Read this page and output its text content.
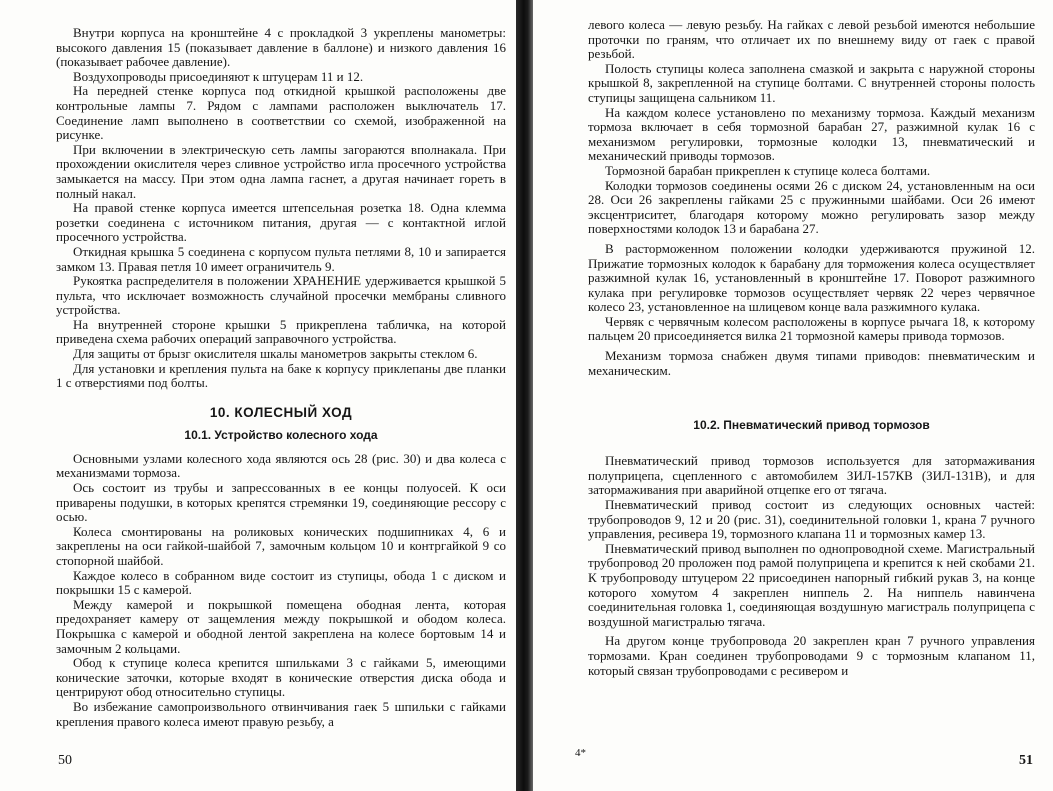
Внутри корпуса на кронштейне 4 с прокладкой 3 укреплены манометры: высокого давления 15 (показывает давление в баллоне) и низкого давления 16 (показывает рабочее давление).

Воздухопроводы присоединяют к штуцерам 11 и 12.

На передней стенке корпуса под откидной крышкой расположены две контрольные лампы 7. Рядом с лампами расположен выключатель 17. Соединение ламп выполнено в соответствии со схемой, изображенной на рисунке.

При включении в электрическую сеть лампы загораются вполнакала. При прохождении окислителя через сливное устройство игла просечного устройства замыкается на массу. При этом одна лампа гаснет, а другая начинает гореть в полный накал.

На правой стенке корпуса имеется штепсельная розетка 18. Одна клемма розетки соединена с источником питания, другая — с контактной иглой просечного устройства.

Откидная крышка 5 соединена с корпусом пульта петлями 8, 10 и запирается замком 13. Правая петля 10 имеет ограничитель 9.

Рукоятка распределителя в положении ХРАНЕНИЕ удерживается крышкой 5 пульта, что исключает возможность случайной просечки мембраны сливного устройства.

На внутренней стороне крышки 5 прикреплена табличка, на которой приведена схема рабочих операций заправочного устройства.

Для защиты от брызг окислителя шкалы манометров закрыты стеклом 6.

Для установки и крепления пульта на баке к корпусу приклепаны две планки 1 с отверстиями под болты.

10. КОЛЕСНЫЙ ХОД
10.1. Устройство колесного хода

Основными узлами колесного хода являются ось 28 (рис. 30) и два колеса с механизмами тормоза.

Ось состоит из трубы и запрессованных в ее концы полуосей. К оси приварены подушки, в которых крепятся стремянки 19, соединяющие рессору с осью.

Колеса смонтированы на роликовых конических подшипниках 4, 6 и закреплены на оси гайкой-шайбой 7, замочным кольцом 10 и контргайкой 9 со стопорной шайбой.

Каждое колесо в собранном виде состоит из ступицы, обода 1 с диском и покрышки 15 с камерой.

Между камерой и покрышкой помещена ободная лента, которая предохраняет камеру от защемления между покрышкой и ободом колеса. Покрышка с камерой и ободной лентой закреплена на колесе бортовым 14 и замочным 2 кольцами.

Обод к ступице колеса крепится шпильками 3 с гайками 5, имеющими конические заточки, которые входят в конические отверстия диска обода и центрируют обод относительно ступицы.

Во избежание самопроизвольного отвинчивания гаек 5 шпильки с гайками крепления правого колеса имеют правую резьбу, а

50

левого колеса — левую резьбу. На гайках с левой резьбой имеются небольшие проточки по граням, что отличает их по внешнему виду от гаек с правой резьбой.

Полость ступицы колеса заполнена смазкой и закрыта с наружной стороны крышкой 8, закрепленной на ступице болтами. С внутренней стороны полость ступицы защищена сальником 11.

На каждом колесе установлено по механизму тормоза. Каждый механизм тормоза включает в себя тормозной барабан 27, разжимной кулак 16 с механизмом регулировки, тормозные колодки 13, пневматический и механический приводы тормозов.

Тормозной барабан прикреплен к ступице колеса болтами.

Колодки тормозов соединены осями 26 с диском 24, установленным на оси 28. Оси 26 закреплены гайками 25 с пружинными шайбами. Оси 26 имеют эксцентриситет, благодаря которому можно регулировать зазор между поверхностями колодок 13 и барабана 27.

В расторможенном положении колодки удерживаются пружиной 12. Прижатие тормозных колодок к барабану для торможения колеса осуществляет разжимной кулак 16, установленный в кронштейне 17. Поворот разжимного кулака при регулировке тормозов осуществляет червяк 22 через червячное колесо 23, установленное на шлицевом конце вала разжимного кулака.

Червяк с червячным колесом расположены в корпусе рычага 18, к которому пальцем 20 присоединяется вилка 21 тормозной камеры привода тормозов.

Механизм тормоза снабжен двумя типами приводов: пневматическим и механическим.

10.2. Пневматический привод тормозов

Пневматический привод тормозов используется для затормаживания полуприцепа, сцепленного с автомобилем ЗИЛ-157КВ (ЗИЛ-131В), и для затормаживания при аварийной отцепке его от тягача.

Пневматический привод состоит из следующих основных частей: трубопроводов 9, 12 и 20 (рис. 31), соединительной головки 1, крана 7 ручного управления, ресивера 19, тормозного клапана 11 и тормозных камер 13.

Пневматический привод выполнен по однопроводной схеме. Магистральный трубопровод 20 проложен под рамой полуприцепа и крепится к ней скобами 21. К трубопроводу штуцером 22 присоединен напорный гибкий рукав 3, на конце которого хомутом 4 закреплен ниппель 2. На ниппель навинчена соединительная головка 1, соединяющая воздушную магистраль полуприцепа с воздушной магистралью тягача.

На другом конце трубопровода 20 закреплен кран 7 ручного управления тормозами. Кран соединен трубопроводами 9 с тормозным клапаном 11, который связан трубопроводами с ресивером и

51
4*
